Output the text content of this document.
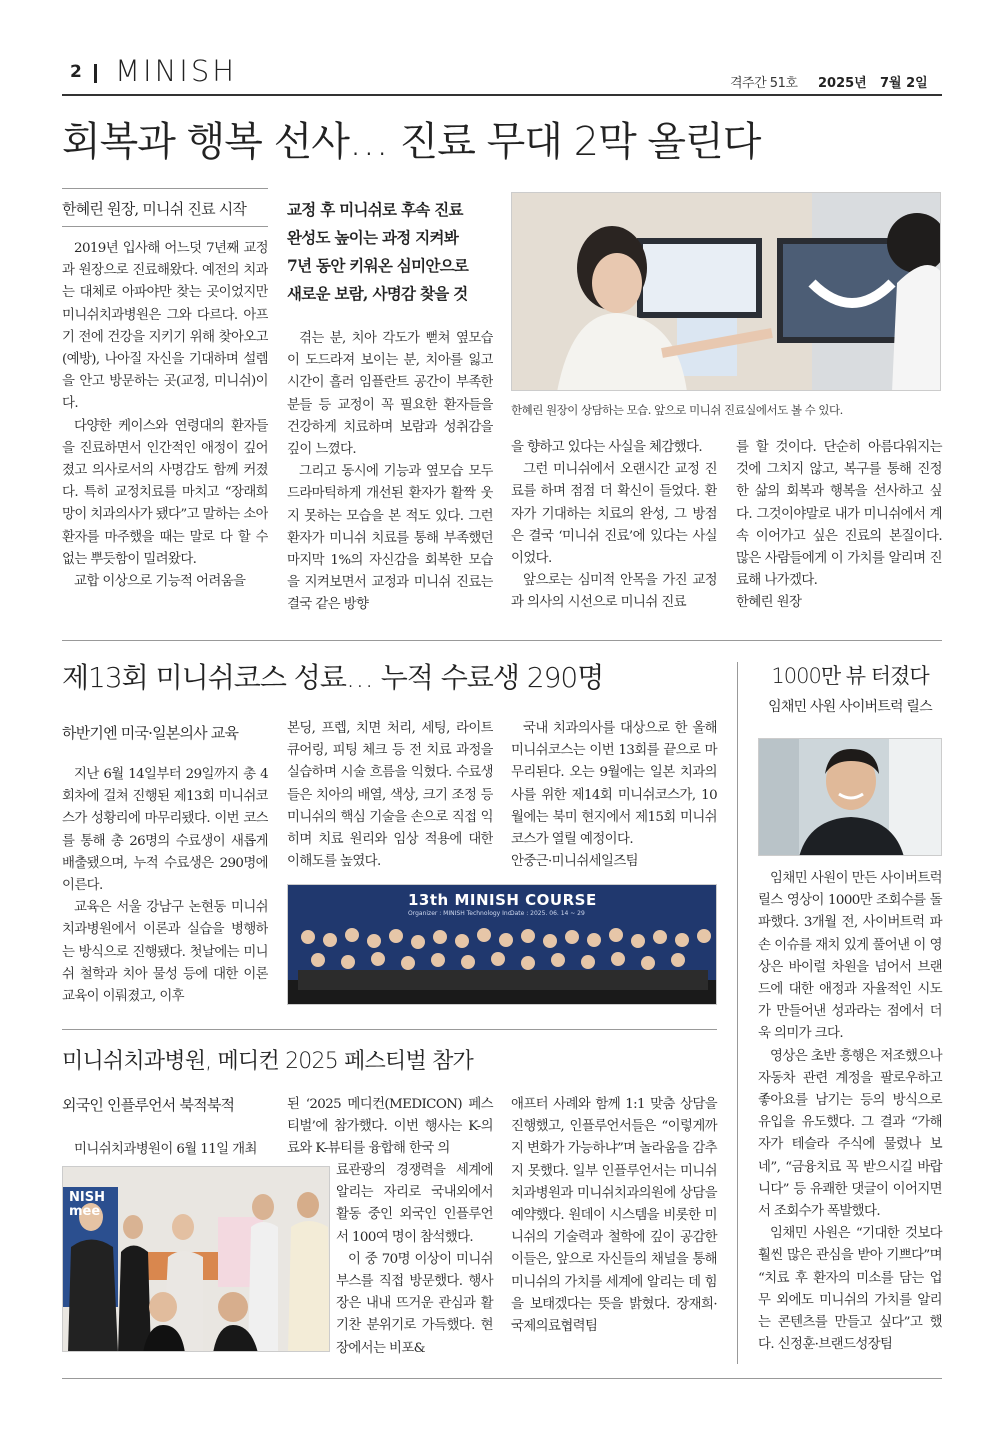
2 MINISH	격주간 51호 2025년 7월 2일
회복과 행복 선사… 진료 무대 2막 올린다
한혜린 원장, 미니쉬 진료 시작	교정 후 미니쉬로 후속 진료
완성도 높이는 과정 지켜봐
7년 동안 키워온 심미안으로
새로운 보람, 사명감 찾을 것

2019년 입사해 어느덧 7년째 교정과 원장으로 진료해왔다. 예전의 치과는 대체로 아파야만 찾는 곳이었지만 미니쉬치과병원은 그와 다르다. 아프기 전에 건강을 지키기 위해 찾아오고(예방), 나아질 자신을 기대하며 설렘을 안고 방문하는 곳(교정, 미니쉬)이다.

다양한 케이스와 연령대의 환자들을 진료하면서 인간적인 애정이 깊어졌고 의사로서의 사명감도 함께 커졌다. 특히 교정치료를 마치고 “장래희망이 치과의사가 됐다”고 말하는 소아 환자를 마주했을 때는 말로 다 할 수 없는 뿌듯함이 밀려왔다.

교합 이상으로 기능적 어려움을

겪는 분, 치아 각도가 뻗쳐 옆모습이 도드라져 보이는 분, 치아를 잃고 시간이 흘러 임플란트 공간이 부족한 분들 등 교정이 꼭 필요한 환자들을 건강하게 치료하며 보람과 성취감을 깊이 느꼈다.

그리고 동시에 기능과 옆모습 모두 드라마틱하게 개선된 환자가 활짝 웃지 못하는 모습을 본 적도 있다. 그런 환자가 미니쉬 치료를 통해 부족했던 마지막 1%의 자신감을 회복한 모습을 지켜보면서 교정과 미니쉬 진료는 결국 같은 방향

한혜린 원장이 상담하는 모습. 앞으로 미니쉬 진료실에서도 볼 수 있다.

을 향하고 있다는 사실을 체감했다.

그런 미니쉬에서 오랜시간 교정 진료를 하며 점점 더 확신이 들었다. 환자가 기대하는 치료의 완성, 그 방점은 결국 ‘미니쉬 진료’에 있다는 사실이었다.

앞으로는 심미적 안목을 가진 교정과 의사의 시선으로 미니쉬 진료

를 할 것이다. 단순히 아름다워지는 것에 그치지 않고, 복구를 통해 진정한 삶의 회복과 행복을 선사하고 싶다. 그것이야말로 내가 미니쉬에서 계속 이어가고 싶은 진료의 본질이다. 많은 사람들에게 이 가치를 알리며 진료해 나가겠다.

한혜린 원장
제13회 미니쉬코스 성료… 누적 수료생 290명
하반기엔 미국·일본의사 교육

지난 6월 14일부터 29일까지 총 4회차에 걸쳐 진행된 제13회 미니쉬코스가 성황리에 마무리됐다. 이번 코스를 통해 총 26명의 수료생이 새롭게 배출됐으며, 누적 수료생은 290명에 이른다.

교육은 서울 강남구 논현동 미니쉬치과병원에서 이론과 실습을 병행하는 방식으로 진행됐다. 첫날에는 미니쉬 철학과 치아 물성 등에 대한 이론 교육이 이뤄졌고, 이후

본딩, 프렙, 치면 처리, 세팅, 라이트 큐어링, 피팅 체크 등 전 치료 과정을 실습하며 시술 흐름을 익혔다. 수료생들은 치아의 배열, 색상, 크기 조정 등 미니쉬의 핵심 기술을 손으로 직접 익히며 치료 원리와 임상 적용에 대한 이해도를 높였다.

국내 치과의사를 대상으로 한 올해 미니쉬코스는 이번 13회를 끝으로 마무리된다. 오는 9월에는 일본 치과의사를 위한 제14회 미니쉬코스가, 10월에는 북미 현지에서 제15회 미니쉬코스가 열릴 예정이다.

안중근·미니쉬세일즈팀
13th MINISH COURSE
Organizer : MINISH Technology Inc.
Date : 2025. 06. 14 ~ 29
1000만 뷰 터졌다
임채민 사원 사이버트럭 릴스

임채민 사원이 만든 사이버트럭 릴스 영상이 1000만 조회수를 돌파했다. 3개월 전, 사이버트럭 파손 이슈를 재치 있게 풀어낸 이 영상은 바이럴 차원을 넘어서 브랜드에 대한 애정과 자율적인 시도가 만들어낸 성과라는 점에서 더욱 의미가 크다.

영상은 초반 흥행은 저조했으나 자동차 관련 계정을 팔로우하고 좋아요를 남기는 등의 방식으로 유입을 유도했다. 그 결과 “가해자가 테슬라 주식에 물렸나 보네”, “금융치료 꼭 받으시길 바랍니다” 등 유쾌한 댓글이 이어지면서 조회수가 폭발했다.

임채민 사원은 “기대한 것보다 훨씬 많은 관심을 받아 기쁘다”며 “치료 후 환자의 미소를 담는 업무 외에도 미니쉬의 가치를 알리는 콘텐츠를 만들고 싶다”고 했다. 신정훈·브랜드성장팀

미니쉬치과병원, 메디컨 2025 페스티벌 참가
외국인 인플루언서 북적북적

미니쉬치과병원이 6월 11일 개최

NISH
mee

된 ‘2025 메디컨(MEDICON) 페스티벌’에 참가했다. 이번 행사는 K-의료와 K-뷰티를 융합해 한국 의

료관광의 경쟁력을 세계에 알리는 자리로 국내외에서 활동 중인 외국인 인플루언서 100여 명이 참석했다.

이 중 70명 이상이 미니쉬 부스를 직접 방문했다. 행사장은 내내 뜨거운 관심과 활기찬 분위기로 가득했다. 현장에서는 비포&

애프터 사례와 함께 1:1 맞춤 상담을 진행했고, 인플루언서들은 “이렇게까지 변화가 가능하냐”며 놀라움을 감추지 못했다. 일부 인플루언서는 미니쉬치과병원과 미니쉬치과의원에 상담을 예약했다. 원데이 시스템을 비롯한 미니쉬의 기술력과 철학에 깊이 공감한 이들은, 앞으로 자신들의 채널을 통해 미니쉬의 가치를 세계에 알리는 데 힘을 보태겠다는 뜻을 밝혔다. 장재희·국제의료협력팀
